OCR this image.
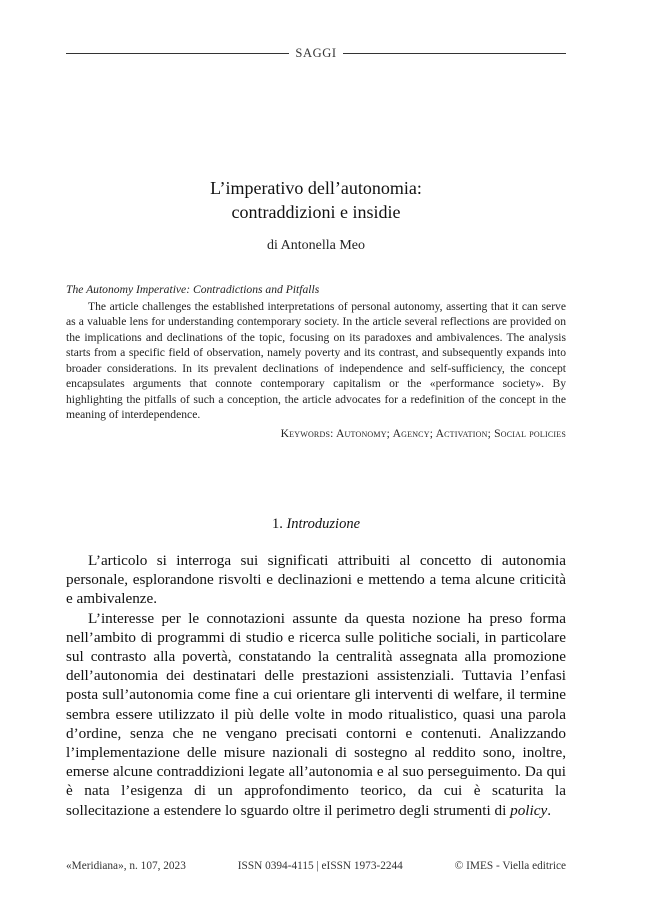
SAGGI
L’imperativo dell’autonomia:
contraddizioni e insidie
di Antonella Meo
The Autonomy Imperative: Contradictions and Pitfalls

The article challenges the established interpretations of personal autonomy, asserting that it can serve as a valuable lens for understanding contemporary society. In the article several reflections are provided on the implications and declinations of the topic, focusing on its paradoxes and ambivalences. The analysis starts from a specific field of observation, namely poverty and its contrast, and subsequently expands into broader considerations. In its prevalent declinations of independence and self-sufficiency, the concept encapsulates arguments that connote contemporary capitalism or the «performance society». By highlighting the pitfalls of such a conception, the article advocates for a redefinition of the concept in the meaning of interdependence.

Keywords: Autonomy; Agency; Activation; Social policies
1. Introduzione

L’articolo si interroga sui significati attribuiti al concetto di autonomia personale, esplorandone risvolti e declinazioni e mettendo a tema alcune criticità e ambivalenze.

L’interesse per le connotazioni assunte da questa nozione ha preso forma nell’ambito di programmi di studio e ricerca sulle politiche sociali, in particolare sul contrasto alla povertà, constatando la centralità assegnata alla promozione dell’autonomia dei destinatari delle prestazioni assistenziali. Tuttavia l’enfasi posta sull’autonomia come fine a cui orientare gli interventi di welfare, il termine sembra essere utilizzato il più delle volte in modo ritualistico, quasi una parola d’ordine, senza che ne vengano precisati contorni e contenuti. Analizzando l’implementazione delle misure nazionali di sostegno al reddito sono, inoltre, emerse alcune contraddizioni legate all’autonomia e al suo perseguimento. Da qui è nata l’esigenza di un approfondimento teorico, da cui è scaturita la sollecitazione a estendere lo sguardo oltre il perimetro degli strumenti di policy.

«Meridiana», n. 107, 2023	ISSN 0394-4115 | eISSN 1973-2244	© IMES - Viella editrice
